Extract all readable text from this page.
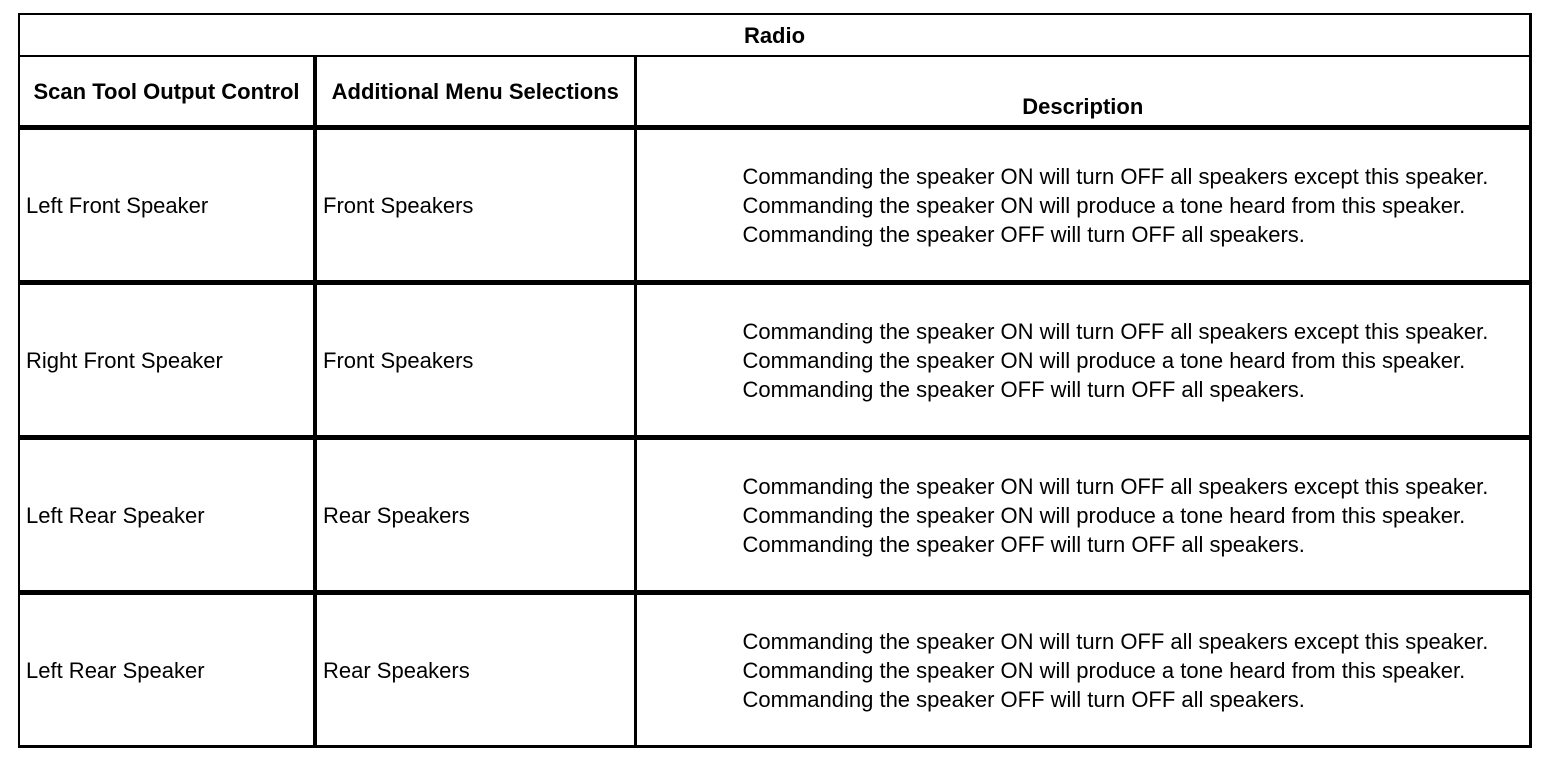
Radio		
Scan Tool Output Control	Additional Menu Selections	Description
Left Front Speaker	Front Speakers	Commanding the speaker ON will turn OFF all speakers except this speaker.
Commanding the speaker ON will produce a tone heard from this speaker.
Commanding the speaker OFF will turn OFF all speakers.

Right Front Speaker	Front Speakers	Commanding the speaker ON will turn OFF all speakers except this speaker.
Commanding the speaker ON will produce a tone heard from this speaker.
Commanding the speaker OFF will turn OFF all speakers.

Left Rear Speaker	Rear Speakers	Commanding the speaker ON will turn OFF all speakers except this speaker.
Commanding the speaker ON will produce a tone heard from this speaker.
Commanding the speaker OFF will turn OFF all speakers.

Left Rear Speaker	Rear Speakers	Commanding the speaker ON will turn OFF all speakers except this speaker.
Commanding the speaker ON will produce a tone heard from this speaker.
Commanding the speaker OFF will turn OFF all speakers.
